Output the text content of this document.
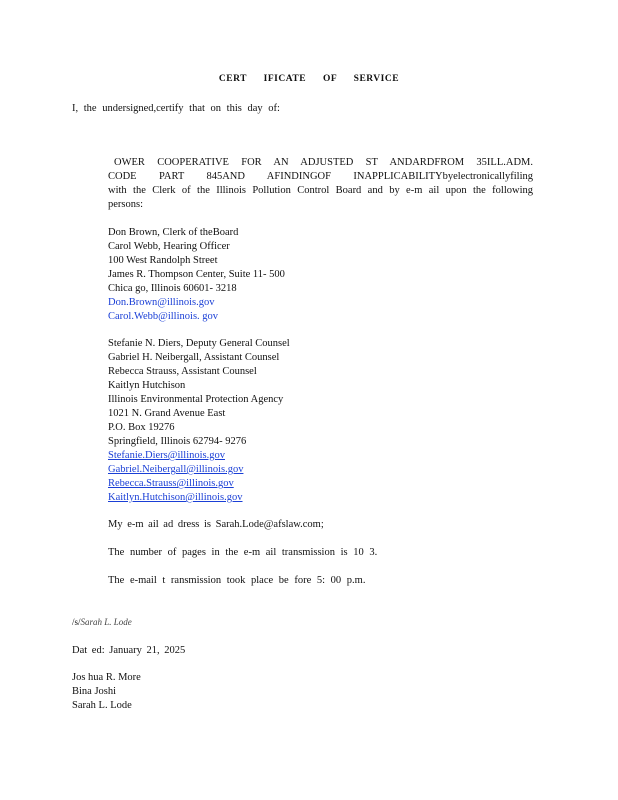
CERT IFICATE OF SERVICE
I, the undersigned,certify that on this day of:
OWER COOPERATIVE FOR AN ADJUSTED ST ANDARDFROM 35ILL.ADM.
CODE PART 845AND AFINDINGOF INAPPLICABILITYbyelectronicallyfiling
with the Clerk of the Illinois Pollution Control Board and by e-m ail upon the following
persons:
Don Brown, Clerk of theBoard
Carol Webb, Hearing Officer
100 West Randolph Street
James R. Thompson Center, Suite 11- 500
Chica go, Illinois 60601- 3218
Don.Brown@illinois.gov
Carol.Webb@illinois. gov
Stefanie N. Diers, Deputy General Counsel
Gabriel H. Neibergall, Assistant Counsel
Rebecca Strauss, Assistant Counsel
Kaitlyn Hutchison
Illinois Environmental Protection Agency
1021 N. Grand Avenue East
P.O. Box 19276
Springfield, Illinois 62794- 9276
Stefanie.Diers@illinois.gov
Gabriel.Neibergall@illinois.gov
Rebecca.Strauss@illinois.gov
Kaitlyn.Hutchison@illinois.gov
My e-m ail ad dress is Sarah.Lode@afslaw.com;
The number of pages in the e-m ail transmission is 10 3.
The e-mail t ransmission took place be fore 5: 00 p.m.
/s/Sarah L. Lode
Dat ed: January 21, 2025
Jos hua R. More
Bina Joshi
Sarah L. Lode
